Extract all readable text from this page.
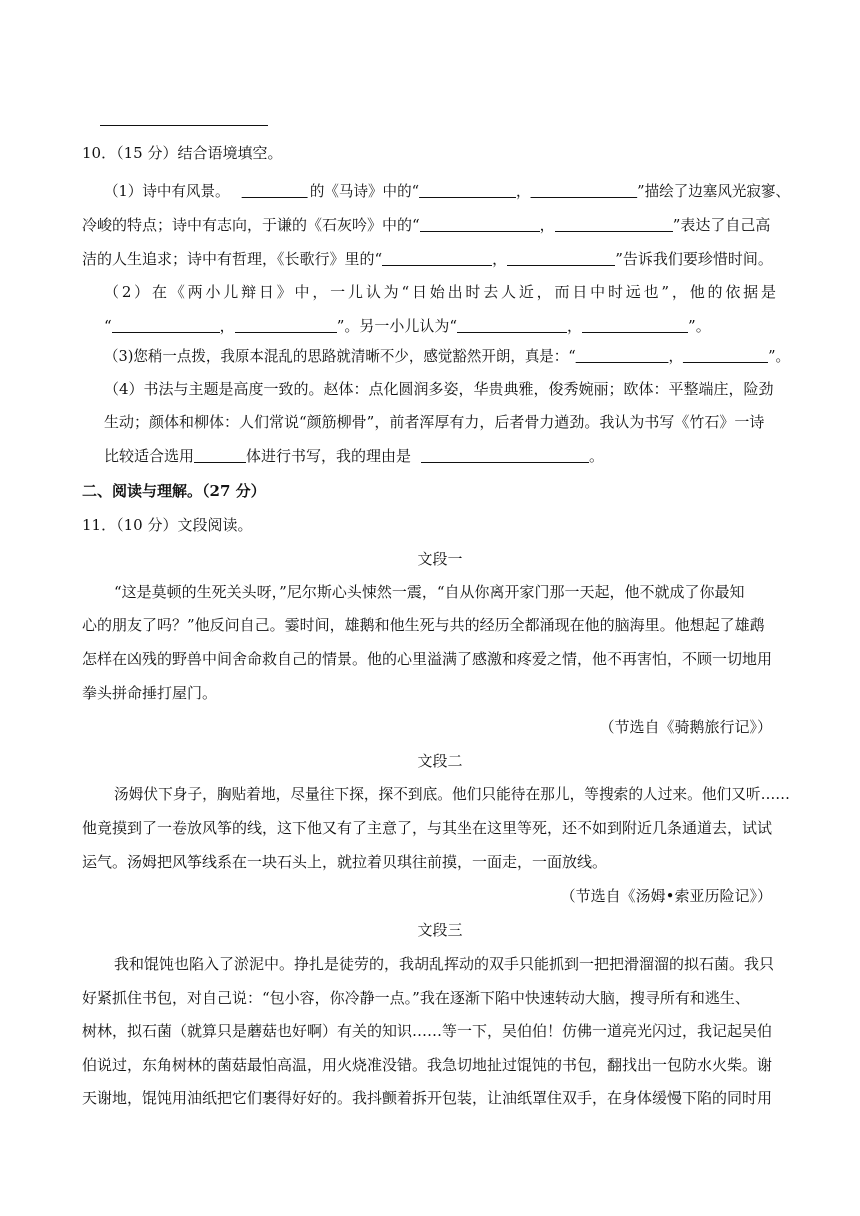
10．（15 分）结合语境填空。
（1）诗中有风景。	的《马诗》中的“	，	”描绘了边塞风光寂寥、
冷峻的特点；诗中有志向，于谦的《石灰吟》中的“	，	”表达了自己高
洁的人生追求；诗中有哲理，《长歌行》里的“	，	”告诉我们要珍惜时间。
（2）在《两小儿辩日》中，一儿认为“日始出时去人近，而日中时远也”，他的依据是
“	，	”。另一小儿认为“	，	”。
（3)您稍一点拨，我原本混乱的思路就清晰不少，感觉豁然开朗，真是：“	，	”。
（4）书法与主题是高度一致的。赵体：点化圆润多姿，华贵典雅，俊秀婉丽；欧体：平整端庄，险劲
生动；颜体和柳体：人们常说“颜筋柳骨”，前者浑厚有力，后者骨力遒劲。我认为书写《竹石》一诗
比较适合选用	体进行书写，我的理由是	。
二、阅读与理解。（27 分）
11．（10 分）文段阅读。
文段一
“这是莫顿的生死关头呀，”尼尔斯心头悚然一震，“自从你离开家门那一天起，他不就成了你最知
心的朋友了吗？”他反问自己。霎时间，雄鹅和他生死与共的经历全都涌现在他的脑海里。他想起了雄鹉
怎样在凶残的野兽中间舍命救自己的情景。他的心里溢满了感激和疼爱之情，他不再害怕，不顾一切地用
拳头拼命捶打屋门。
（节选自《骑鹅旅行记》）
文段二
汤姆伏下身子，胸贴着地，尽量往下探，探不到底。他们只能待在那儿，等搜索的人过来。他们又听……
他竟摸到了一卷放风筝的线，这下他又有了主意了，与其坐在这里等死，还不如到附近几条通道去，试试
运气。汤姆把风筝线系在一块石头上，就拉着贝琪往前摸，一面走，一面放线。
（节选自《汤姆•索亚历险记》）
文段三
我和馄饨也陷入了淤泥中。挣扎是徒劳的，我胡乱挥动的双手只能抓到一把把滑溜溜的拟石菌。我只
好紧抓住书包，对自己说：“包小容，你冷静一点。”我在逐渐下陷中快速转动大脑，搜寻所有和逃生、
树林，拟石菌（就算只是蘑菇也好啊）有关的知识……等一下，吴伯伯！仿佛一道亮光闪过，我记起吴伯
伯说过，东角树林的菌菇最怕高温，用火烧准没错。我急切地扯过馄饨的书包，翻找出一包防水火柴。谢
天谢地，馄饨用油纸把它们裹得好好的。我抖颤着拆开包装，让油纸罩住双手，在身体缓慢下陷的同时用
